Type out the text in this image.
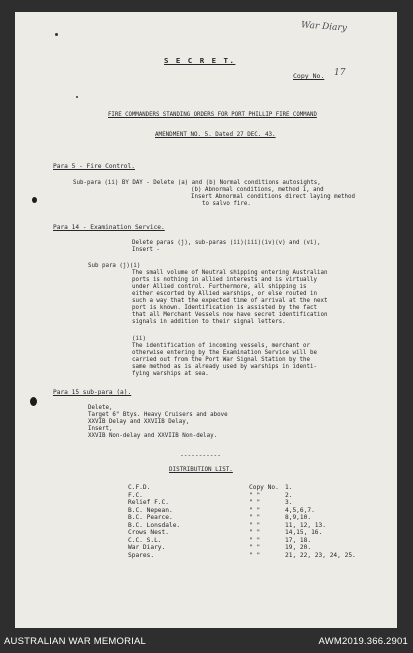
War Diary
S E C R E T.
Copy No. 17
FIRE COMMANDERS STANDING ORDERS FOR PORT PHILLIP FIRE COMMAND
AMENDMENT NO. 5. Dated 27 DEC. 43.
Para 5 - Fire Control.
Sub-para (ii) BY DAY - Delete (a) and (b) Normal conditions autosights,
(b) Abnormal conditions, method 1, and
Insert Abnormal conditions direct laying method
to salvo fire.
Para 14 - Examination Service.
Delete paras (j), sub-paras (ii)(iii)(iv)(v) and (vi),
Insert -
Sub para (j)(i)
The small volume of Neutral shipping entering Australian
ports is nothing in allied interests and is virtually
under Allied control. Furthermore, all shipping is
either escorted by Allied warships, or else routed in
such a way that the expected time of arrival at the next
port is known. Identification is assisted by the fact
that all Merchant Vessels now have secret identification
signals in addition to their signal letters.
(ii)
The identification of incoming vessels, merchant or
otherwise entering by the Examination Service will be
carried out from the Port War Signal Station by the
same method as is already used by warships in identi-
fying warships at sea.
Para 15 sub-para (a).
Delete,
Target 6" Btys. Heavy Cruisers and above
XXVIB Delay and XXVIIB Delay,
Insert,
XXVIB Non-delay and XXVIIB Non-delay.
-----------
DISTRIBUTION LIST.
C.F.D.	Copy No. 1.
F.C.	" "	2.
Relief F.C.	" "	3.
B.C. Nepean.	" "	4,5,6,7.
B.C. Pearce.	" "	8,9,10.
B.C. Lonsdale.	" "	11, 12, 13.
Crows Nest.	" "	14,15, 16.
C.C. S.L.	" "	17, 18.
War Diary.	" "	19, 20.
Spares.	" "	21, 22, 23, 24, 25.
AUSTRALIAN WAR MEMORIAL	AWM2019.366.2901
